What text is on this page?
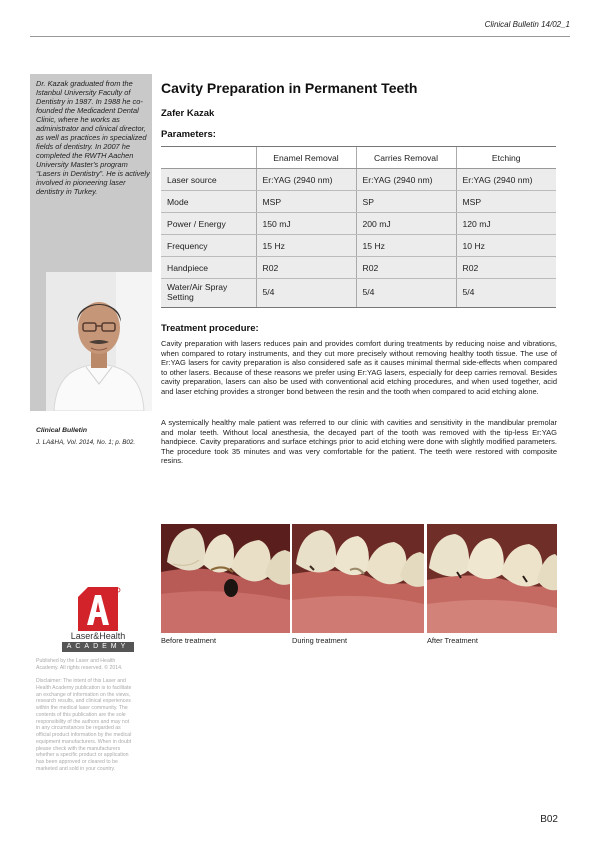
Clinical Bulletin 14/02_1
Dr. Kazak graduated from the Istanbul University Faculty of Dentistry in 1987. In 1988 he co-founded the Medicadent Dental Clinic, where he works as administrator and clinical director, as well as practices in specialized fields of dentistry. In 2007 he completed the RWTH Aachen University Master's program “Lasers in Dentistry”. He is actively involved in pioneering laser dentistry in Turkey.
Clinical Bulletin
J. LA&HA, Vol. 2014, No. 1; p. B02.
Laser&Health
ACADEMY
Published by the Laser and Health Academy. All rights reserved. © 2014.
Disclaimer: The intent of this Laser and Health Academy publication is to facilitate an exchange of information on the views, research results, and clinical experiences within the medical laser community. The contents of this publication are the sole responsibility of the authors and may not in any circumstances be regarded as official product information by the medical equipment manufacturers. When in doubt please check with the manufacturers whether a specific product or application has been approved or cleared to be marketed and sold in your country.
Cavity Preparation in Permanent Teeth
Zafer Kazak
Parameters:
	Enamel Removal	Carries Removal	Etching
Laser source	Er:YAG (2940 nm)	Er:YAG (2940 nm)	Er:YAG (2940 nm)
Mode	MSP	SP	MSP
Power / Energy	150 mJ	200 mJ	120 mJ
Frequency	15 Hz	15 Hz	10 Hz
Handpiece	R02	R02	R02
Water/Air Spray Setting	5/4	5/4	5/4
Treatment procedure:
Cavity preparation with lasers reduces pain and provides comfort during treatments by reducing noise and vibrations, when compared to rotary instruments, and they cut more precisely without removing healthy tooth tissue. The use of Er:YAG lasers for cavity preparation is also considered safe as it causes minimal thermal side-effects when compared to other lasers. Because of these reasons we prefer using Er:YAG lasers, especially for deep carries removal. Besides cavity preparation, lasers can also be used with conventional acid etching procedures, and when used together, acid and laser etching provides a stronger bond between the resin and the tooth when compared to acid etching alone.
A systemically healthy male patient was referred to our clinic with cavities and sensitivity in the mandibular premolar and molar teeth. Without local anesthesia, the decayed part of the tooth was removed with the tip-less Er:YAG handpiece. Cavity preparations and surface etchings prior to acid etching were done with slightly modified parameters. The procedure took 35 minutes and was very comfortable for the patient. The teeth were restored with composite resins.
Before treatment	During treatment	After Treatment
B02
